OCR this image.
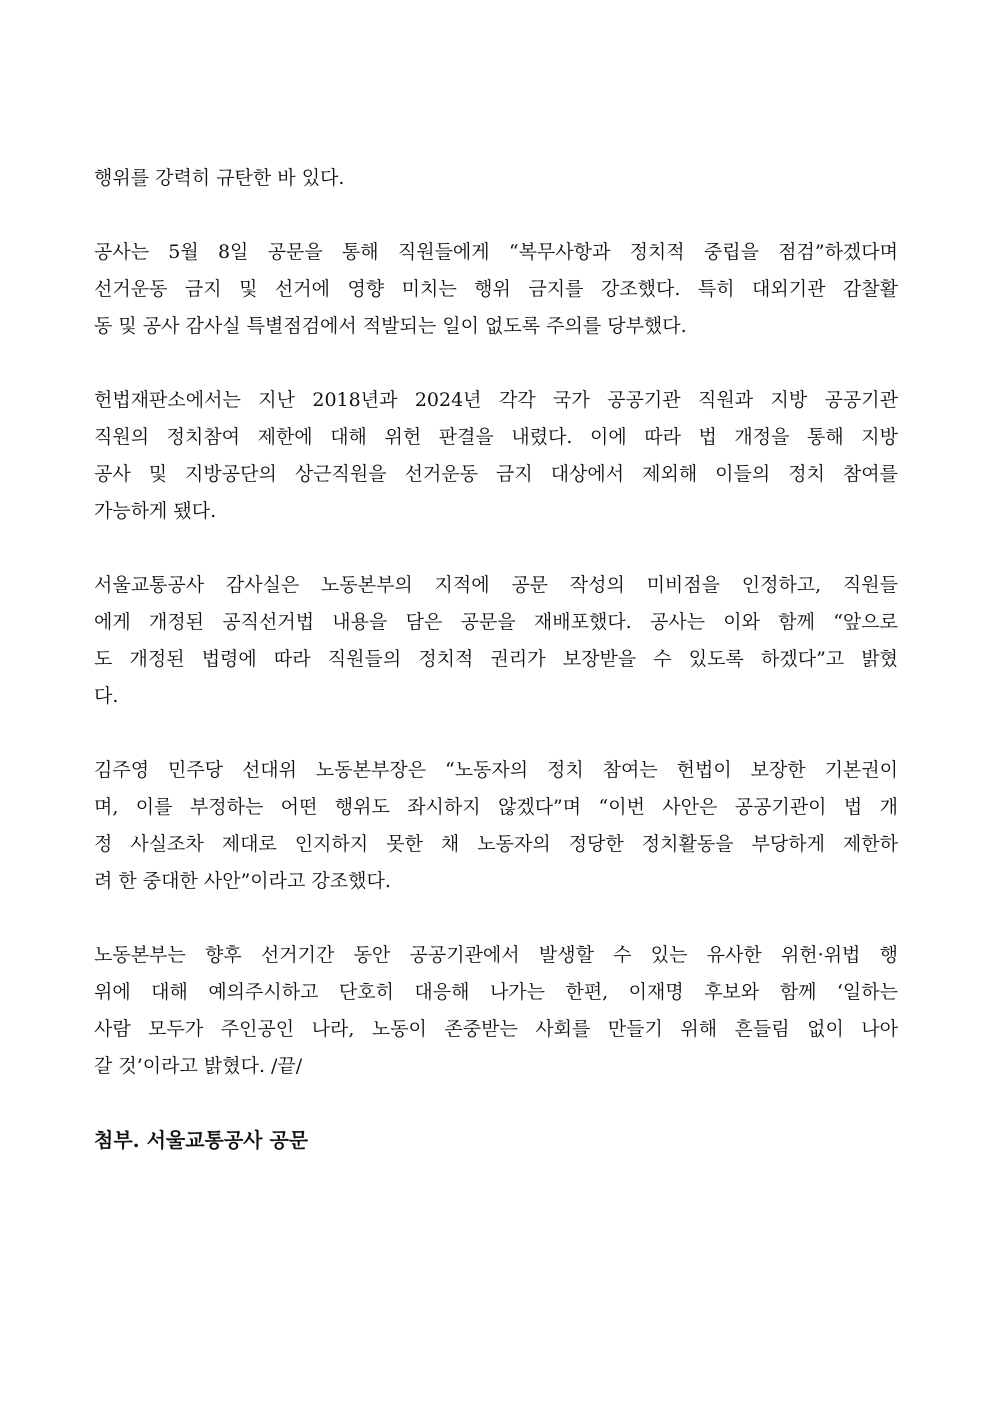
행위를 강력히 규탄한 바 있다.
공사는 5월 8일 공문을 통해 직원들에게 “복무사항과 정치적 중립을 점검”하겠다며
선거운동 금지 및 선거에 영향 미치는 행위 금지를 강조했다. 특히 대외기관 감찰활
동 및 공사 감사실 특별점검에서 적발되는 일이 없도록 주의를 당부했다.
헌법재판소에서는 지난 2018년과 2024년 각각 국가 공공기관 직원과 지방 공공기관
직원의 정치참여 제한에 대해 위헌 판결을 내렸다. 이에 따라 법 개정을 통해 지방
공사 및 지방공단의 상근직원을 선거운동 금지 대상에서 제외해 이들의 정치 참여를
가능하게 됐다.
서울교통공사 감사실은 노동본부의 지적에 공문 작성의 미비점을 인정하고, 직원들
에게 개정된 공직선거법 내용을 담은 공문을 재배포했다. 공사는 이와 함께 “앞으로
도 개정된 법령에 따라 직원들의 정치적 권리가 보장받을 수 있도록 하겠다”고 밝혔
다.
김주영 민주당 선대위 노동본부장은 “노동자의 정치 참여는 헌법이 보장한 기본권이
며, 이를 부정하는 어떤 행위도 좌시하지 않겠다”며 “이번 사안은 공공기관이 법 개
정 사실조차 제대로 인지하지 못한 채 노동자의 정당한 정치활동을 부당하게 제한하
려 한 중대한 사안”이라고 강조했다.
노동본부는 향후 선거기간 동안 공공기관에서 발생할 수 있는 유사한 위헌·위법 행
위에 대해 예의주시하고 단호히 대응해 나가는 한편, 이재명 후보와 함께 ‘일하는
사람 모두가 주인공인 나라, 노동이 존중받는 사회를 만들기 위해 흔들림 없이 나아
갈 것’이라고 밝혔다. /끝/
첨부. 서울교통공사 공문
